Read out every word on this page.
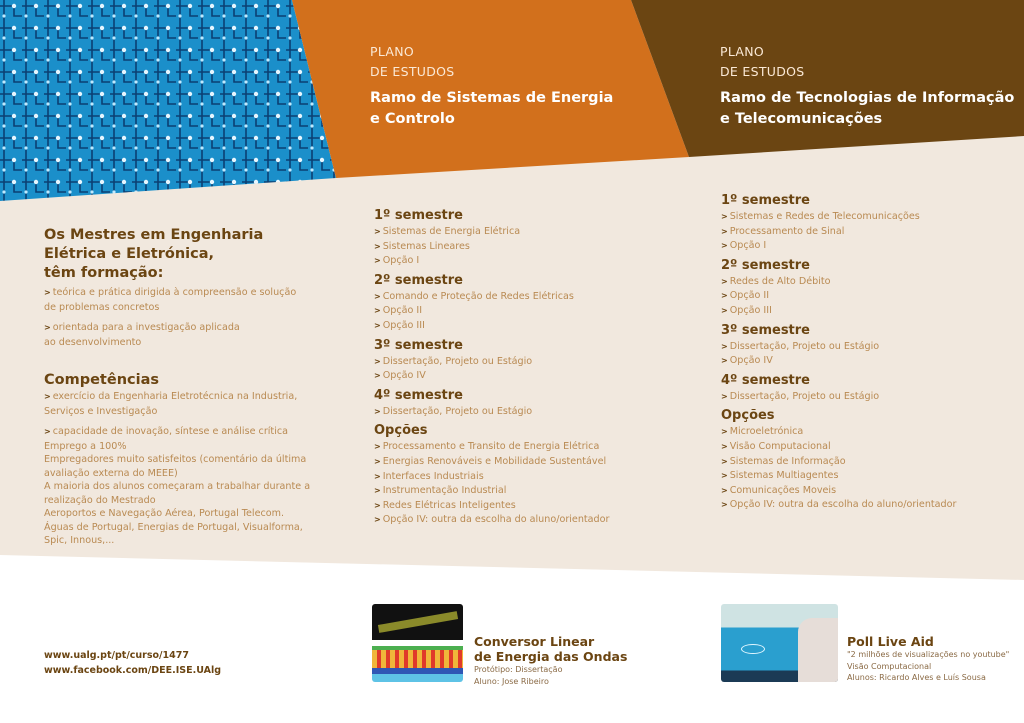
PLANO
DE ESTUDOS
Ramo de Sistemas de Energia
e Controlo
PLANO
DE ESTUDOS
Ramo de Tecnologias de Informação
e Telecomunicações
Os Mestres em Engenharia
Elétrica e Eletrónica,
têm formação:
> teórica e prática dirigida à compreensão e solução
de problemas concretos
> orientada para a investigação aplicada
ao desenvolvimento
Competências
> exercício da Engenharia Eletrotécnica na Industria,
Serviços e Investigação
> capacidade de inovação, síntese e análise crítica
Emprego a 100%
Empregadores muito satisfeitos (comentário da última
avaliação externa do MEEE)
A maioria dos alunos começaram a trabalhar durante a
realização do Mestrado
Aeroportos e Navegação Aérea, Portugal Telecom.
Águas de Portugal, Energias de Portugal, Visualforma,
Spic, Innous,...
1º semestre
> Sistemas de Energia Elétrica
> Sistemas Lineares
> Opção I
2º semestre
> Comando e Proteção de Redes Elétricas
> Opção II
> Opção III
3º semestre
> Dissertação, Projeto ou Estágio
> Opção IV
4º semestre
> Dissertação, Projeto ou Estágio
Opções
> Processamento e Transito de Energia Elétrica
> Energias Renováveis e Mobilidade Sustentável
> Interfaces Industriais
> Instrumentação Industrial
> Redes Elétricas Inteligentes
> Opção IV: outra da escolha do aluno/orientador
1º semestre
> Sistemas e Redes de Telecomunicações
> Processamento de Sinal
> Opção I
2º semestre
> Redes de Alto Débito
> Opção II
> Opção III
3º semestre
> Dissertação, Projeto ou Estágio
> Opção IV
4º semestre
> Dissertação, Projeto ou Estágio
Opções
> Microeletrónica
> Visão Computacional
> Sistemas de Informação
> Sistemas Multiagentes
> Comunicações Moveis
> Opção IV: outra da escolha do aluno/orientador
www.ualg.pt/pt/curso/1477
www.facebook.com/DEE.ISE.UAlg
Conversor Linear
de Energia das Ondas
Protótipo: Dissertação
Aluno: Jose Ribeiro
Poll Live Aid
"2 milhões de visualizações no youtube"
Visão Computacional
Alunos: Ricardo Alves e Luís Sousa
